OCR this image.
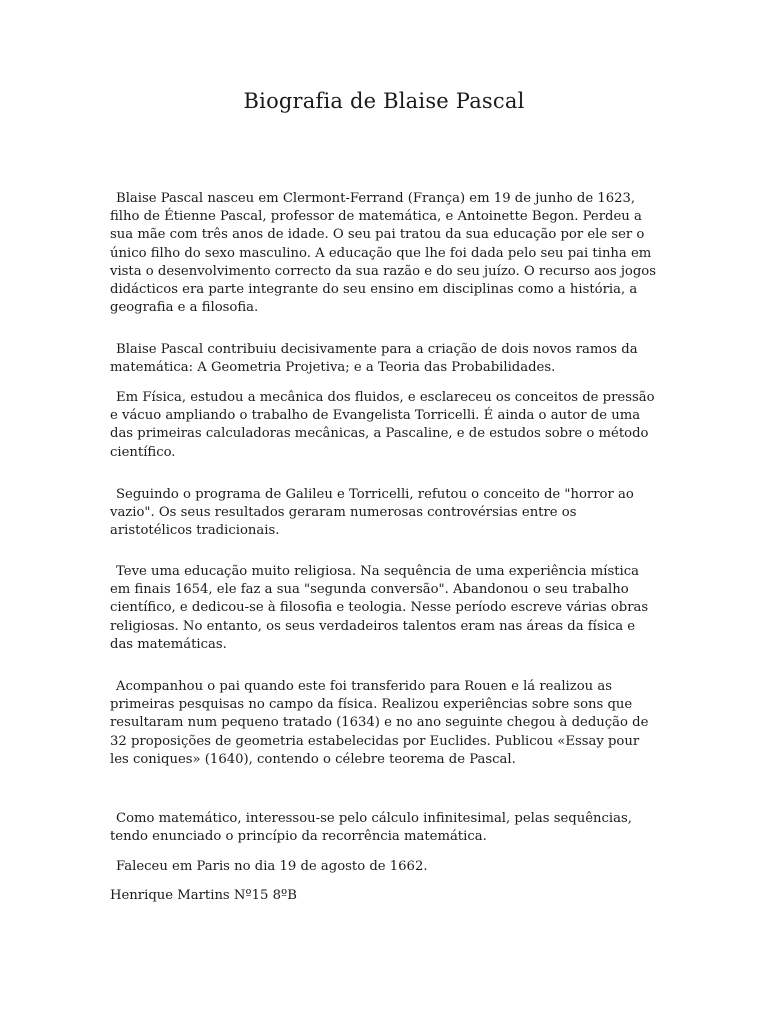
Biografia de Blaise Pascal

Blaise Pascal nasceu em Clermont-Ferrand (França) em 19 de junho de 1623, filho de Étienne Pascal, professor de matemática, e Antoinette Begon. Perdeu a sua mãe com três anos de idade. O seu pai tratou da sua educação por ele ser o único filho do sexo masculino. A educação que lhe foi dada pelo seu pai tinha em vista o desenvolvimento correcto da sua razão e do seu juízo. O recurso aos jogos didácticos era parte integrante do seu ensino em disciplinas como a história, a geografia e a filosofia.

Blaise Pascal contribuiu decisivamente para a criação de dois novos ramos da matemática: A Geometria Projetiva; e a Teoria das Probabilidades.

Em Física, estudou a mecânica dos fluidos, e esclareceu os conceitos de pressão e vácuo ampliando o trabalho de Evangelista Torricelli. É ainda o autor de uma das primeiras calculadoras mecânicas, a Pascaline, e de estudos sobre o método científico.

Seguindo o programa de Galileu e Torricelli, refutou o conceito de "horror ao vazio". Os seus resultados geraram numerosas controvérsias entre os aristotélicos tradicionais.

Teve uma educação muito religiosa. Na sequência de uma experiência mística em finais 1654, ele faz a sua "segunda conversão". Abandonou o seu trabalho científico, e dedicou-se à filosofia e teologia. Nesse período escreve várias obras religiosas. No entanto, os seus verdadeiros talentos eram nas áreas da física e das matemáticas.

Acompanhou o pai quando este foi transferido para Rouen e lá realizou as primeiras pesquisas no campo da física. Realizou experiências sobre sons que resultaram num pequeno tratado (1634) e no ano seguinte chegou à dedução de 32 proposições de geometria estabelecidas por Euclides. Publicou «Essay pour les coniques» (1640), contendo o célebre teorema de Pascal.

Como matemático, interessou-se pelo cálculo infinitesimal, pelas sequências, tendo enunciado o princípio da recorrência matemática.

Faleceu em Paris no dia 19 de agosto de 1662.

Henrique Martins Nº15 8ºB
